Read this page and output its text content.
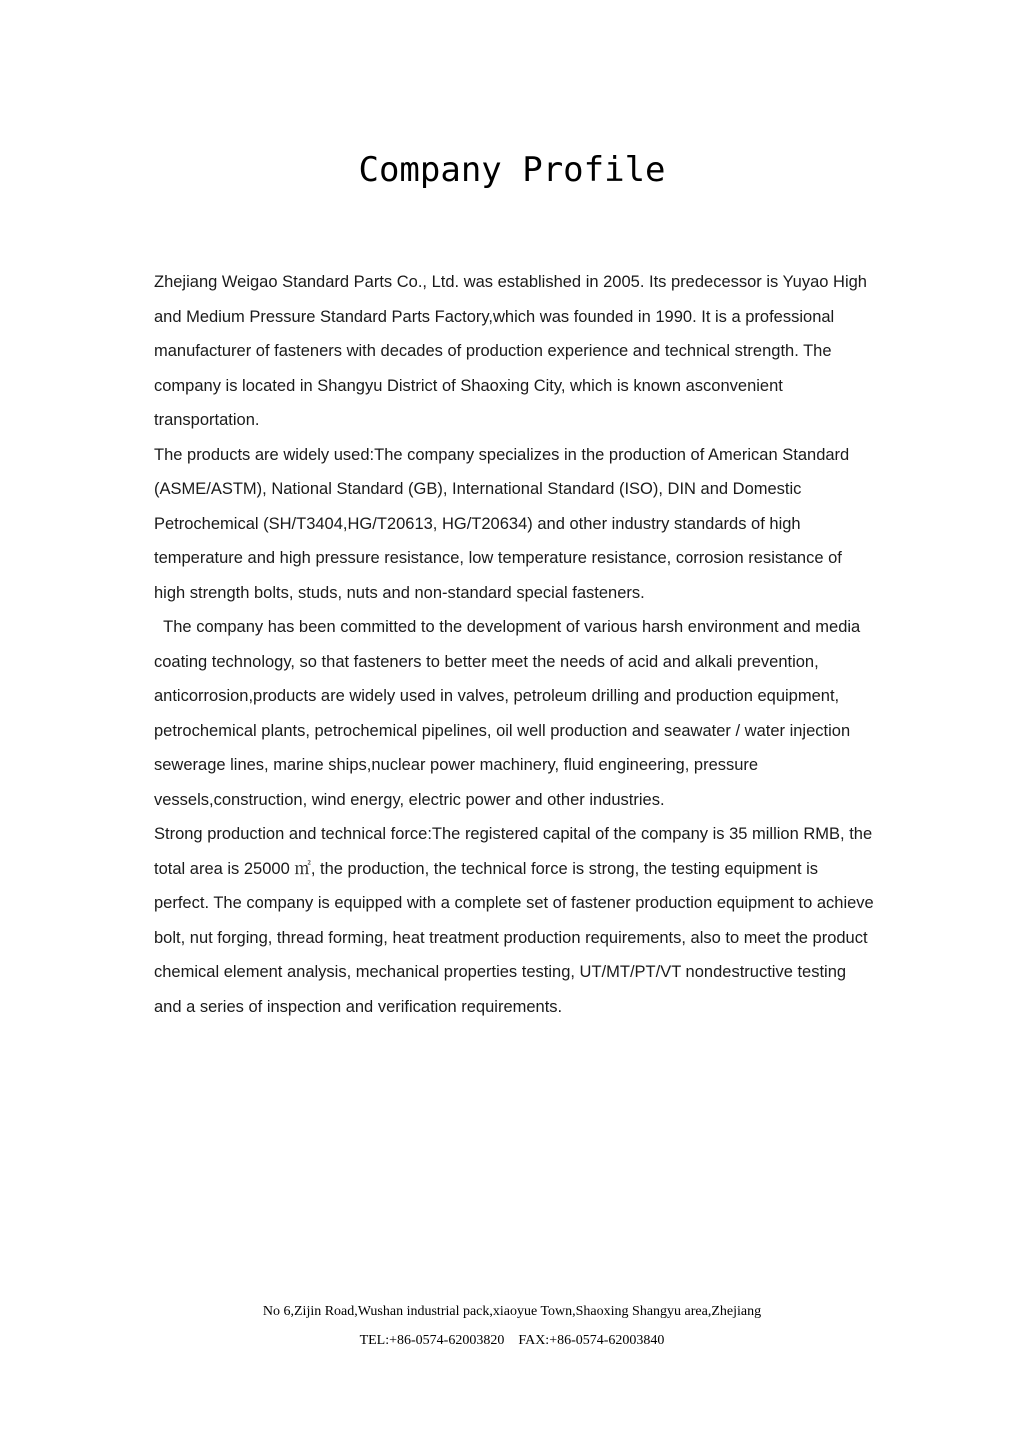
Company Profile

Zhejiang Weigao Standard Parts Co., Ltd. was established in 2005. Its predecessor is Yuyao High and Medium Pressure Standard Parts Factory,which was founded in 1990. It is a professional manufacturer of fasteners with decades of production experience and technical strength. The company is located in Shangyu District of Shaoxing City, which is known asconvenient transportation.

The products are widely used:The company specializes in the production of American Standard (ASME/ASTM), National Standard (GB), International Standard (ISO), DIN and Domestic Petrochemical (SH/T3404,HG/T20613, HG/T20634) and other industry standards of high temperature and high pressure resistance, low temperature resistance, corrosion resistance of high strength bolts, studs, nuts and non-standard special fasteners.

The company has been committed to the development of various harsh environment and media coating technology, so that fasteners to better meet the needs of acid and alkali prevention, anticorrosion,products are widely used in valves, petroleum drilling and production equipment, petrochemical plants, petrochemical pipelines, oil well production and seawater / water injection sewerage lines, marine ships,nuclear power machinery, fluid engineering, pressure vessels,construction, wind energy, electric power and other industries.

Strong production and technical force:The registered capital of the company is 35 million RMB, the total area is 25000 ㎡, the production, the technical force is strong, the testing equipment is perfect. The company is equipped with a complete set of fastener production equipment to achieve bolt, nut forging, thread forming, heat treatment production requirements, also to meet the product chemical element analysis, mechanical properties testing, UT/MT/PT/VT nondestructive testing and a series of inspection and verification requirements.

No 6,Zijin Road,Wushan industrial pack,xiaoyue Town,Shaoxing Shangyu area,Zhejiang
TEL:+86-0574-62003820 FAX:+86-0574-62003840
